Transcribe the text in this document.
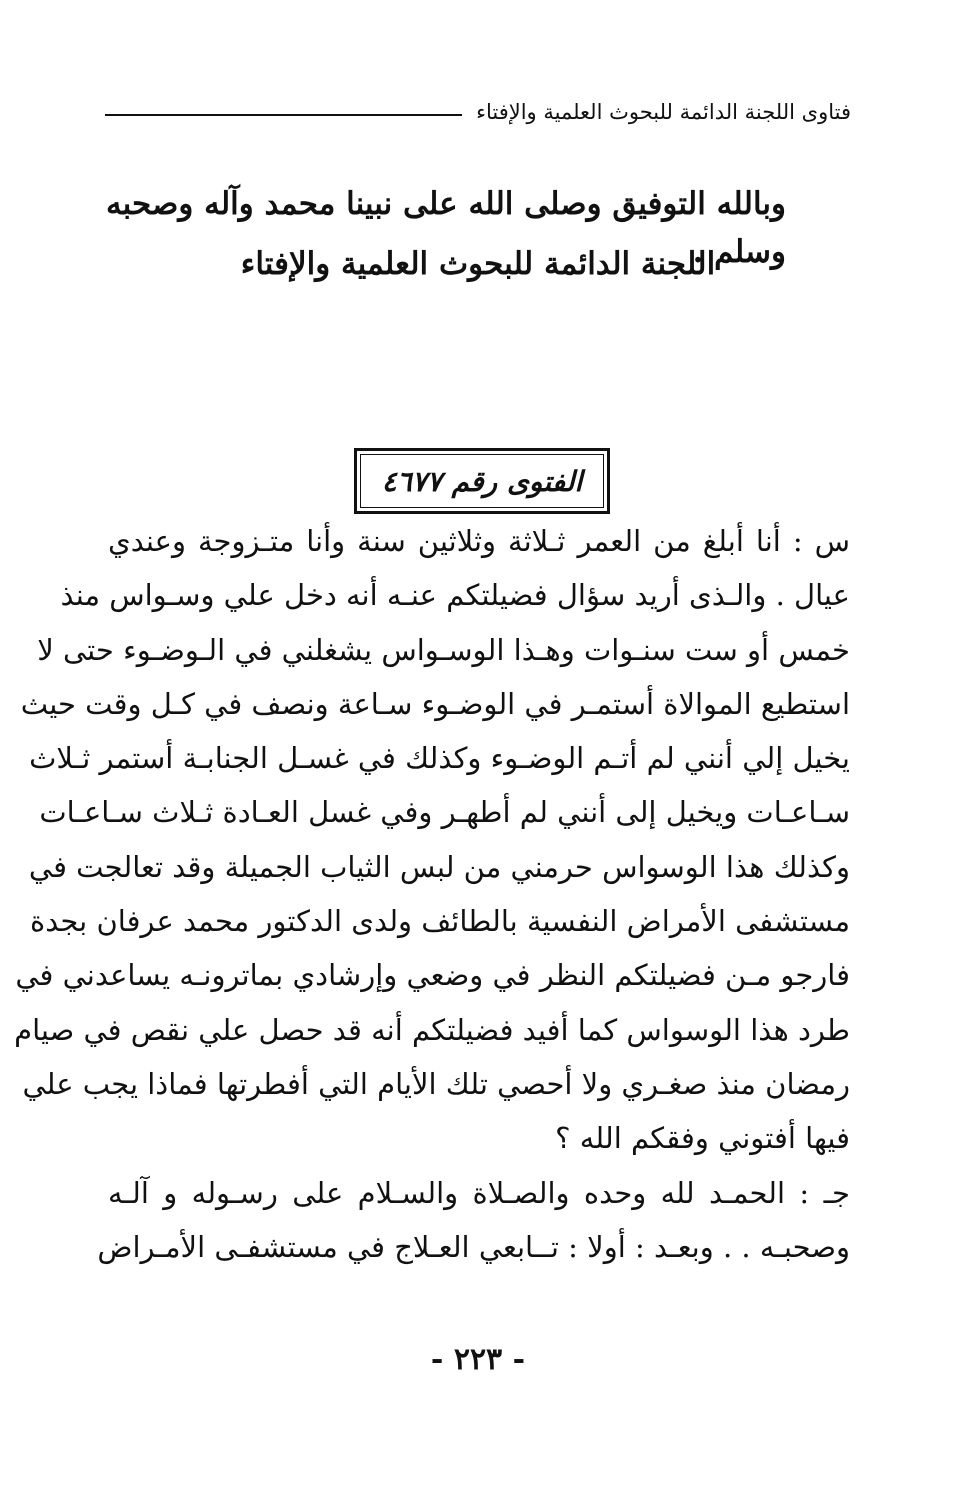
فتاوى اللجنة الدائمة للبحوث العلمية والإفتاء
وبالله التوفيق وصلى الله على نبينا محمد وآله وصحبه وسلم .
اللجنة الدائمة للبحوث العلمية والإفتاء
الفتوى رقم ٤٦٧٧
س : أنا أبلغ من العمر ثـلاثة وثلاثين سنة وأنا متـزوجة وعندي
عيال . والـذى أريد سؤال فضيلتكم عنـه أنه دخل علي وسـواس منذ
خمس أو ست سنـوات وهـذا الوسـواس يشغلني في الـوضـوء حتى لا
استطيع الموالاة أستمـر في الوضـوء سـاعة ونصف في كـل وقت حيث
يخيل إلي أنني لم أتـم الوضـوء وكذلك في غسـل الجنابـة أستمر ثـلاث
سـاعـات ويخيل إلى أنني لم أطهـر وفي غسل العـادة ثـلاث سـاعـات
وكذلك هذا الوسواس حرمني من لبس الثياب الجميلة وقد تعالجت في
مستشفى الأمراض النفسية بالطائف ولدى الدكتور محمد عرفان بجدة
فارجو مـن فضيلتكم النظر في وضعي وإرشادي بماترونـه يساعدني في
طرد هذا الوسواس كما أفيد فضيلتكم أنه قد حصل علي نقص في صيام
رمضان منذ صغـري ولا أحصي تلك الأيام التي أفطرتها فماذا يجب علي
فيها أفتوني وفقكم الله ؟
جـ : الحمـد لله وحده والصـلاة والسـلام على رسـوله و آلـه
وصحبـه . . وبعـد : أولا : تــابعي العـلاج في مستشفـى الأمـراض
- ٢٢٣ -
